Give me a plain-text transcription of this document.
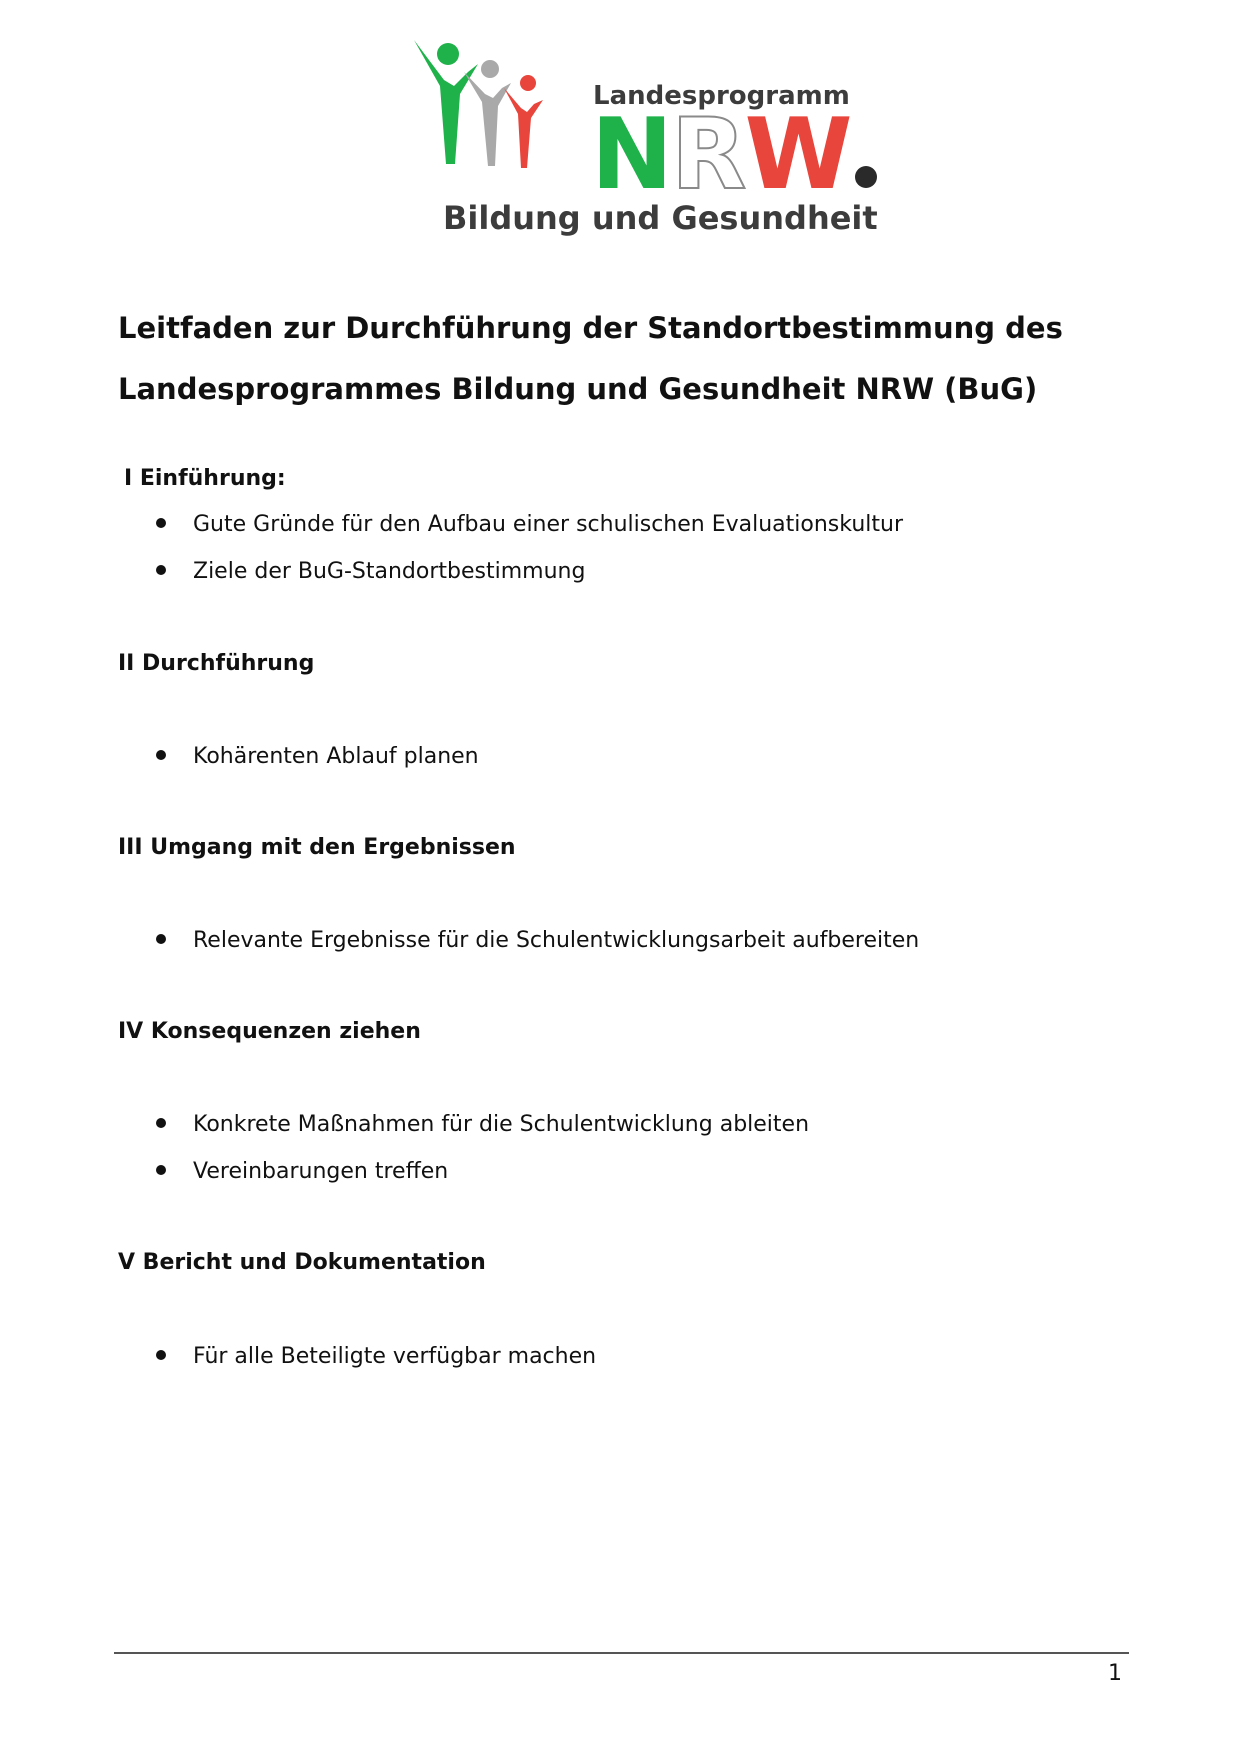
Landesprogramm
NRW
Bildung und Gesundheit
Leitfaden zur Durchführung der Standortbestimmung des
Landesprogrammes Bildung und Gesundheit NRW (BuG)
I Einführung:
Gute Gründe für den Aufbau einer schulischen Evaluationskultur
Ziele der BuG-Standortbestimmung
II Durchführung
Kohärenten Ablauf planen
III Umgang mit den Ergebnissen
Relevante Ergebnisse für die Schulentwicklungsarbeit aufbereiten
IV Konsequenzen ziehen
Konkrete Maßnahmen für die Schulentwicklung ableiten
Vereinbarungen treffen
V Bericht und Dokumentation
Für alle Beteiligte verfügbar machen
1
